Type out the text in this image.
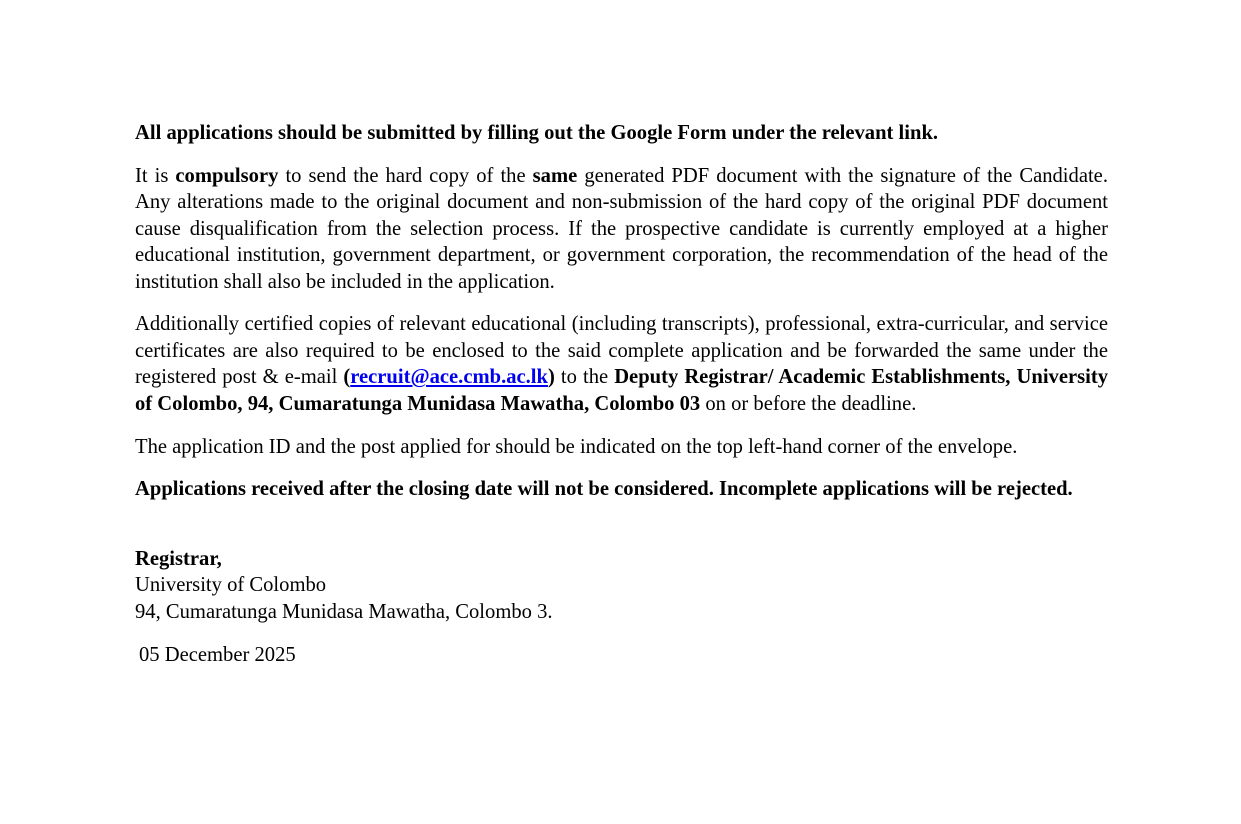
All applications should be submitted by filling out the Google Form under the relevant link.

It is compulsory to send the hard copy of the same generated PDF document with the signature of the Candidate. Any alterations made to the original document and non-submission of the hard copy of the original PDF document cause disqualification from the selection process. If the prospective candidate is currently employed at a higher educational institution, government department, or government corporation, the recommendation of the head of the institution shall also be included in the application.

Additionally certified copies of relevant educational (including transcripts), professional, extra-curricular, and service certificates are also required to be enclosed to the said complete application and be forwarded the same under the registered post & e-mail (recruit@ace.cmb.ac.lk) to the Deputy Registrar/ Academic Establishments, University of Colombo, 94, Cumaratunga Munidasa Mawatha, Colombo 03 on or before the deadline.

The application ID and the post applied for should be indicated on the top left-hand corner of the envelope.

Applications received after the closing date will not be considered. Incomplete applications will be rejected.

Registrar,
University of Colombo
94, Cumaratunga Munidasa Mawatha, Colombo 3.

05 December 2025
